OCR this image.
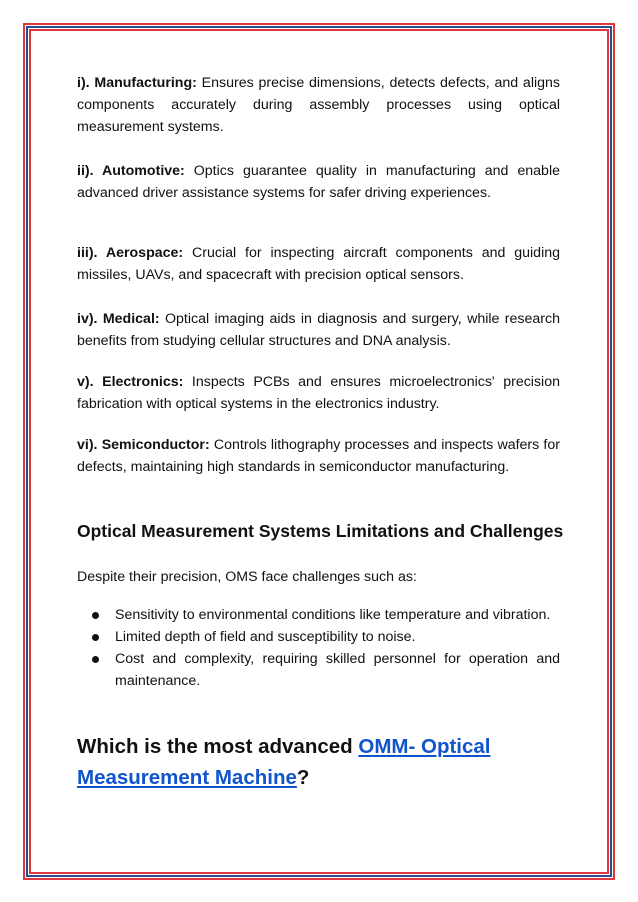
i). Manufacturing: Ensures precise dimensions, detects defects, and aligns components accurately during assembly processes using optical measurement systems.

ii). Automotive: Optics guarantee quality in manufacturing and enable advanced driver assistance systems for safer driving experiences.

iii). Aerospace: Crucial for inspecting aircraft components and guiding missiles, UAVs, and spacecraft with precision optical sensors.

iv). Medical: Optical imaging aids in diagnosis and surgery, while research benefits from studying cellular structures and DNA analysis.

v). Electronics: Inspects PCBs and ensures microelectronics' precision fabrication with optical systems in the electronics industry.

vi). Semiconductor: Controls lithography processes and inspects wafers for defects, maintaining high standards in semiconductor manufacturing.

Optical Measurement Systems Limitations and Challenges

Despite their precision, OMS face challenges such as:

Sensitivity to environmental conditions like temperature and vibration.
Limited depth of field and susceptibility to noise.
Cost and complexity, requiring skilled personnel for operation and maintenance.
Which is the most advanced OMM- Optical Measurement Machine?
